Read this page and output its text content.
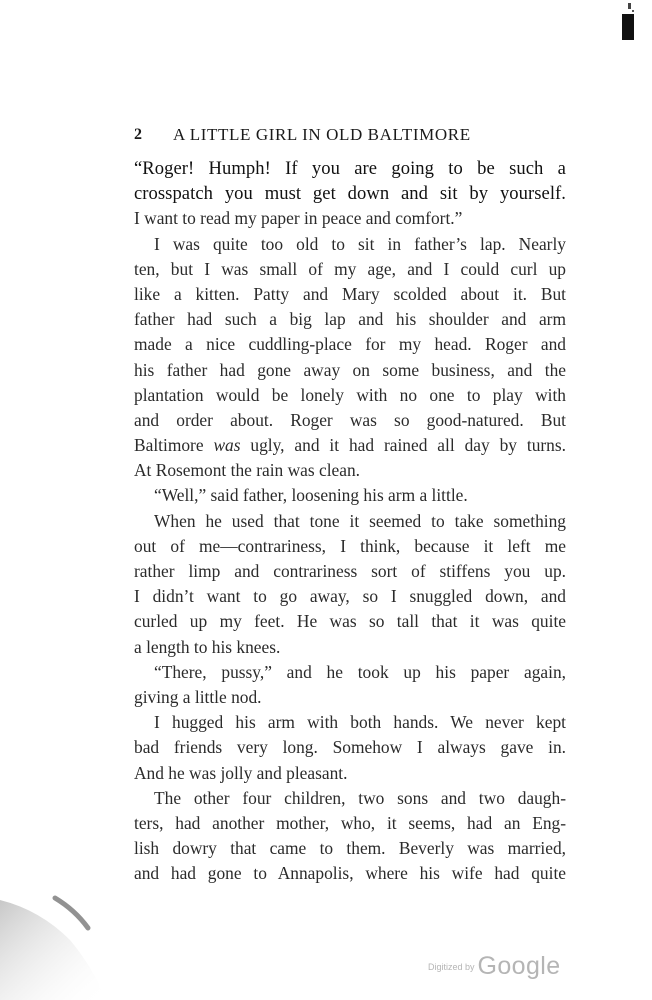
2 A LITTLE GIRL IN OLD BALTIMORE
“Roger! Humph! If you are going to be such a
crosspatch you must get down and sit by yourself.
I want to read my paper in peace and comfort.”
I was quite too old to sit in father’s lap. Nearly
ten, but I was small of my age, and I could curl up
like a kitten. Patty and Mary scolded about it. But
father had such a big lap and his shoulder and arm
made a nice cuddling-place for my head. Roger and
his father had gone away on some business, and the
plantation would be lonely with no one to play with
and order about. Roger was so good-natured. But
Baltimore was ugly, and it had rained all day by turns.
At Rosemont the rain was clean.
“Well,” said father, loosening his arm a little.
When he used that tone it seemed to take something
out of me—contrariness, I think, because it left me
rather limp and contrariness sort of stiffens you up.
I didn’t want to go away, so I snuggled down, and
curled up my feet. He was so tall that it was quite
a length to his knees.
“There, pussy,” and he took up his paper again,
giving a little nod.
I hugged his arm with both hands. We never kept
bad friends very long. Somehow I always gave in.
And he was jolly and pleasant.
The other four children, two sons and two daugh-
ters, had another mother, who, it seems, had an Eng-
lish dowry that came to them. Beverly was married,
and had gone to Annapolis, where his wife had quite
$^{Digitized by}$ Google
